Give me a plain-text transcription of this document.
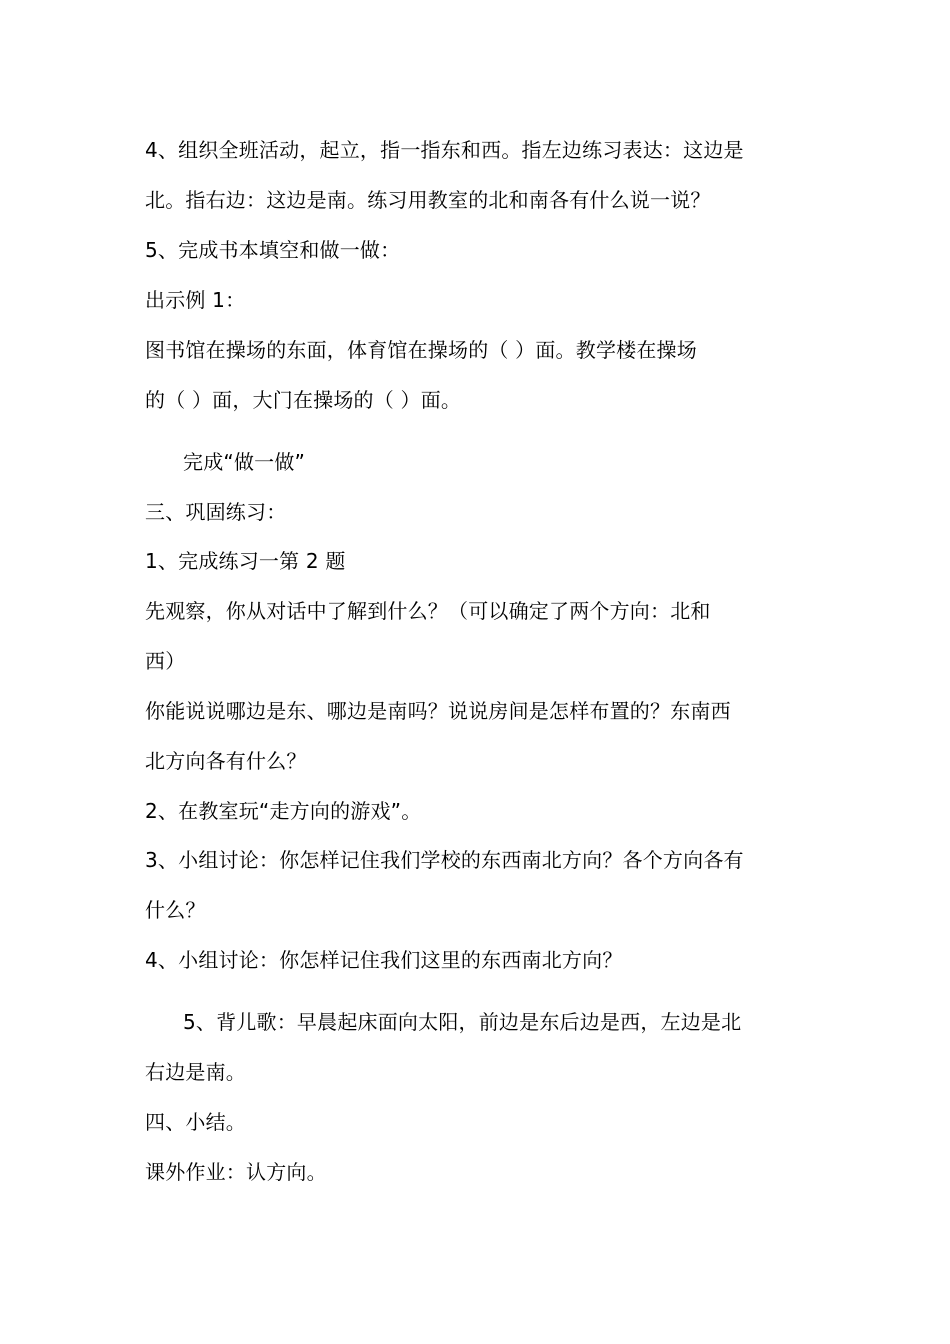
4、组织全班活动，起立，指一指东和西。指左边练习表达：这边是
北。指右边：这边是南。练习用教室的北和南各有什么说一说？
5、完成书本填空和做一做：
出示例 1：
图书馆在操场的东面，体育馆在操场的（ ）面。教学楼在操场
的（ ）面，大门在操场的（ ）面。
完成“做一做”
三、巩固练习：
1、完成练习一第 2 题
先观察，你从对话中了解到什么？（可以确定了两个方向：北和
西）
你能说说哪边是东、哪边是南吗？说说房间是怎样布置的？东南西
北方向各有什么？
2、在教室玩“走方向的游戏”。
3、小组讨论：你怎样记住我们学校的东西南北方向？各个方向各有
什么？
4、小组讨论：你怎样记住我们这里的东西南北方向？
5、背儿歌：早晨起床面向太阳，前边是东后边是西，左边是北
右边是南。
四、小结。
课外作业：认方向。
